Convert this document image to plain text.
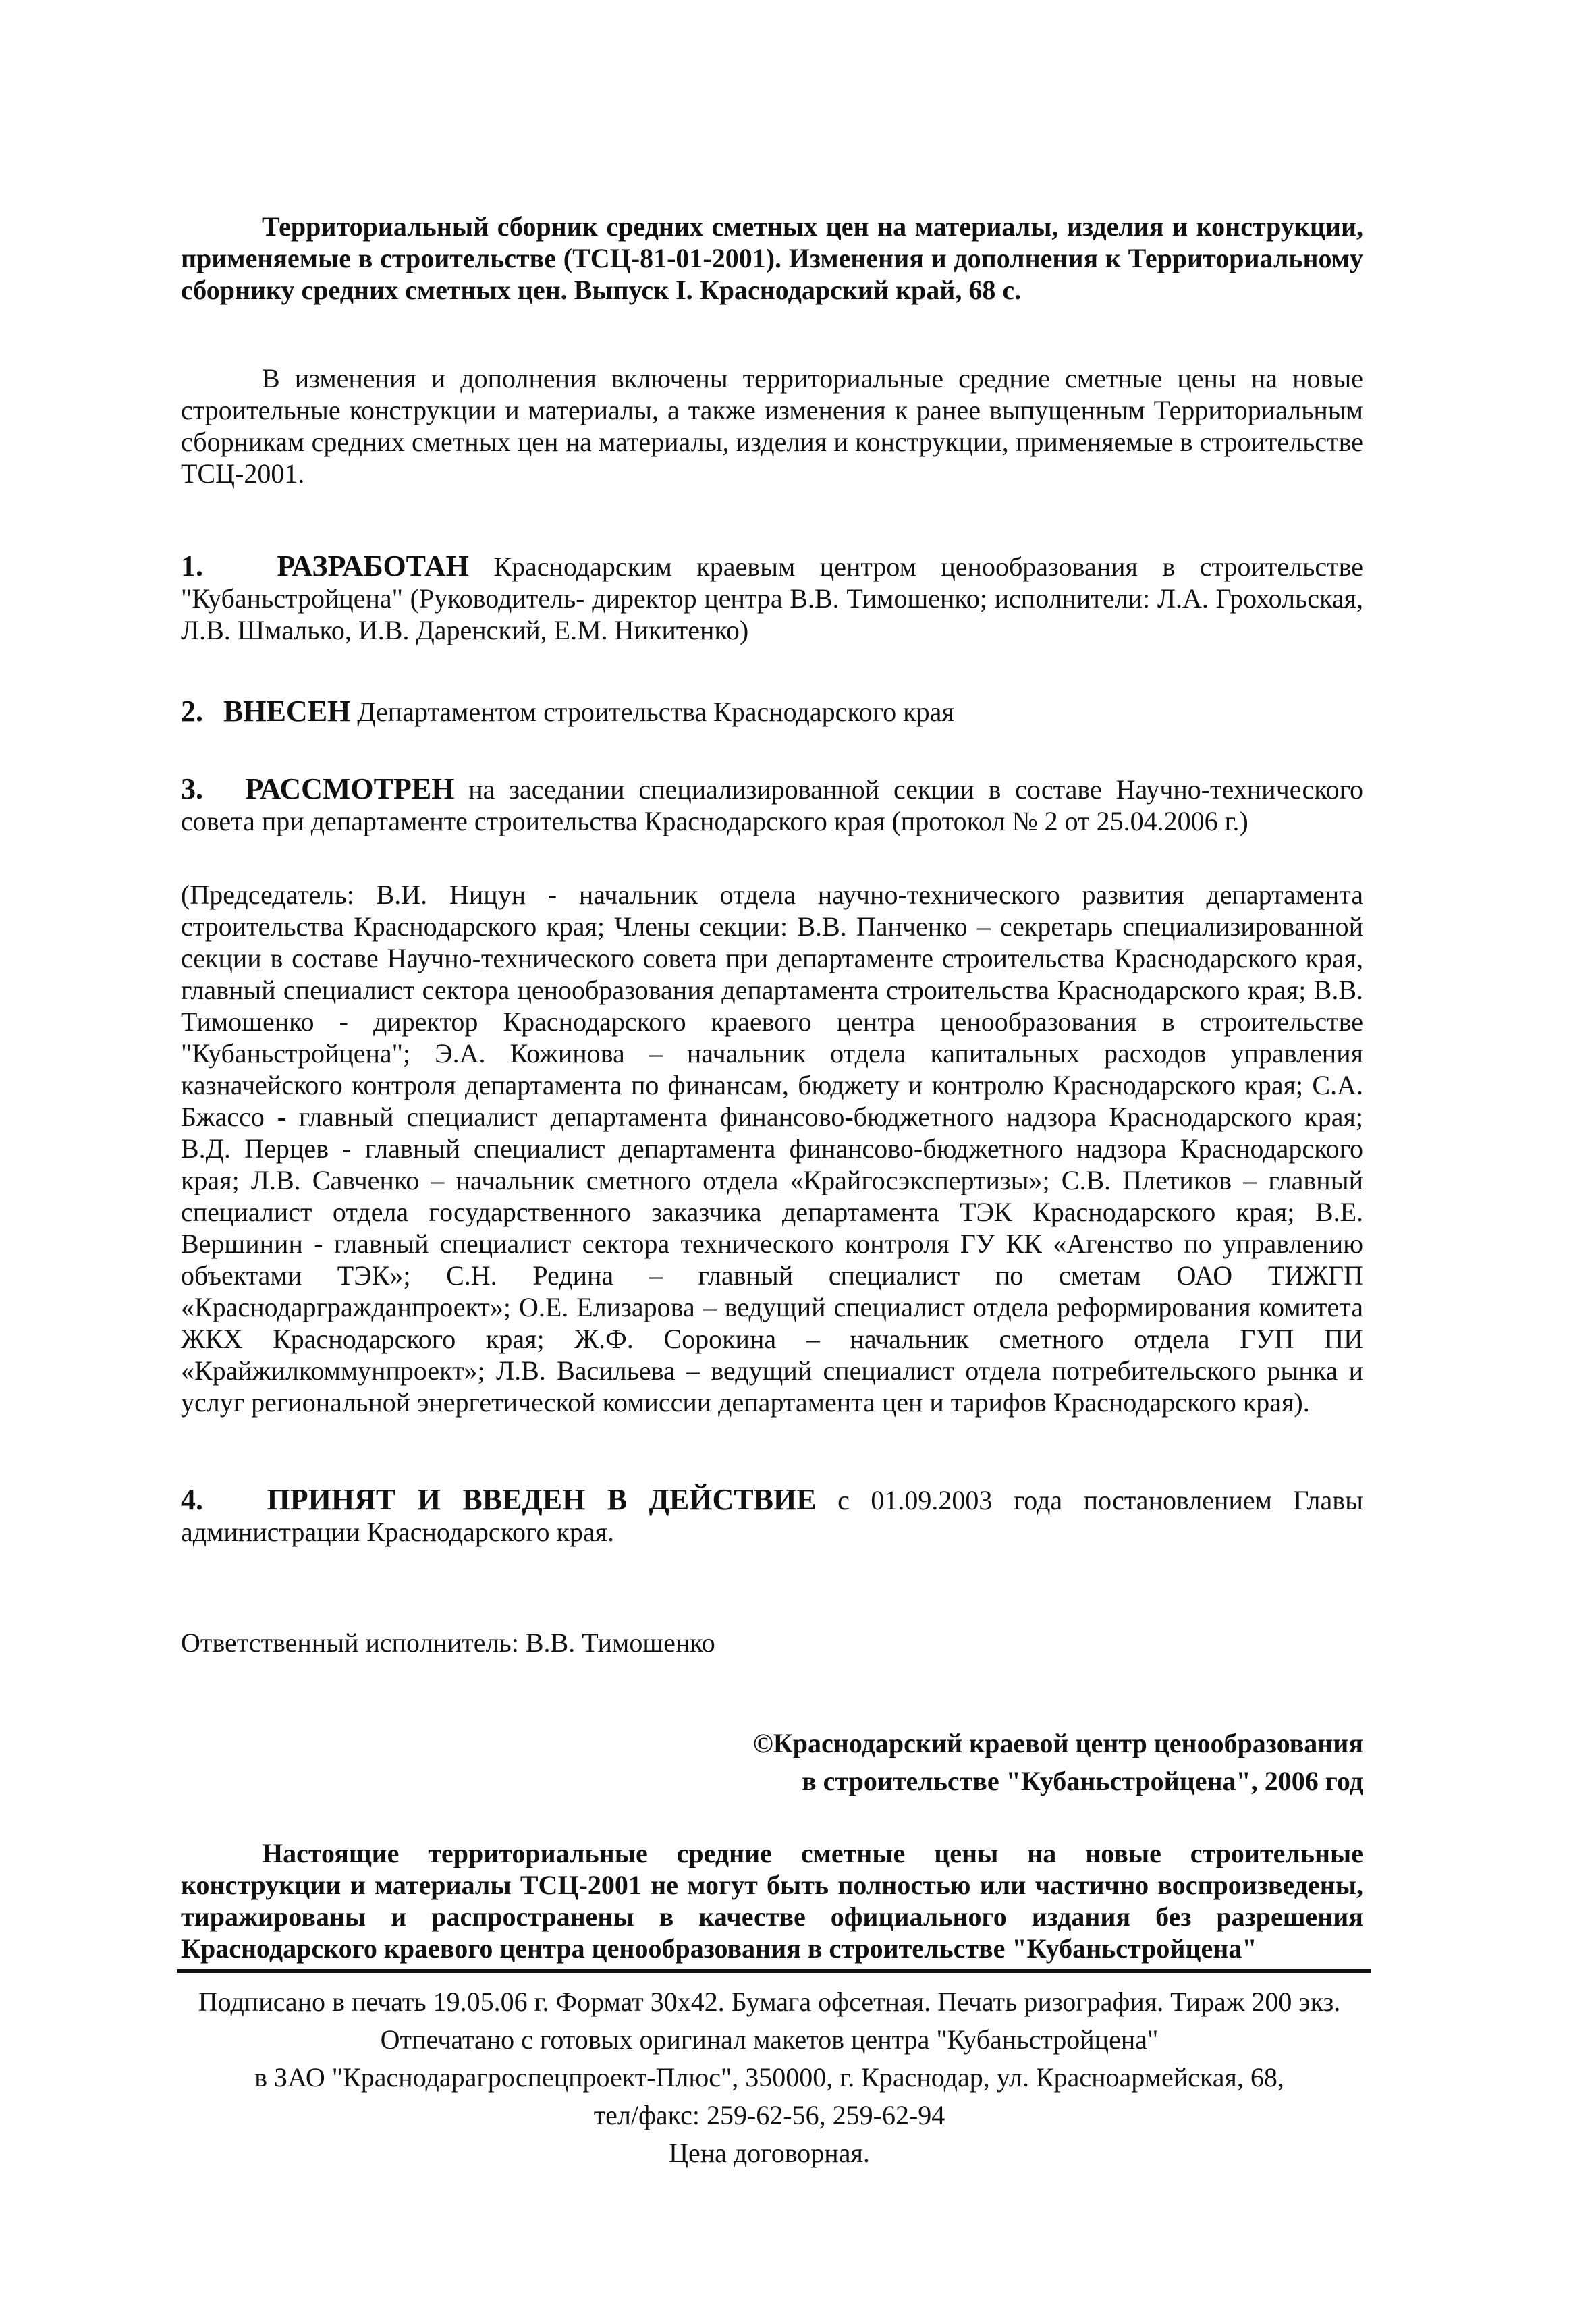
Территориальный сборник средних сметных цен на материалы, изделия и конструкции, применяемые в строительстве (ТСЦ-81-01-2001). Изменения и дополнения к Территориальному сборнику средних сметных цен. Выпуск I. Краснодарский край, 68 с.

В изменения и дополнения включены территориальные средние сметные цены на новые строительные конструкции и материалы, а также изменения к ранее выпущенным Территориальным сборникам средних сметных цен на материалы, изделия и конструкции, применяемые в строительстве ТСЦ-2001.

1. РАЗРАБОТАН Краснодарским краевым центром ценообразования в строительстве "Кубаньстройцена" (Руководитель- директор центра В.В. Тимошенко; исполнители: Л.А. Грохольская, Л.В. Шмалько, И.В. Даренский, Е.М. Никитенко)

2. ВНЕСЕН Департаментом строительства Краснодарского края

3. РАССМОТРЕН на заседании специализированной секции в составе Научно-технического совета при департаменте строительства Краснодарского края (протокол № 2 от 25.04.2006 г.)

(Председатель: В.И. Ницун - начальник отдела научно-технического развития департамента строительства Краснодарского края; Члены секции: В.В. Панченко – секретарь специализированной секции в составе Научно-технического совета при департаменте строительства Краснодарского края, главный специалист сектора ценообразования департамента строительства Краснодарского края; В.В. Тимошенко - директор Краснодарского краевого центра ценообразования в строительстве "Кубаньстройцена"; Э.А. Кожинова – начальник отдела капитальных расходов управления казначейского контроля департамента по финансам, бюджету и контролю Краснодарского края; С.А. Бжассо - главный специалист департамента финансово-бюджетного надзора Краснодарского края; В.Д. Перцев - главный специалист департамента финансово-бюджетного надзора Краснодарского края; Л.В. Савченко – начальник сметного отдела «Крайгосэкспертизы»; С.В. Плетиков – главный специалист отдела государственного заказчика департамента ТЭК Краснодарского края; В.Е. Вершинин - главный специалист сектора технического контроля ГУ КК «Агенство по управлению объектами ТЭК»; С.Н. Редина – главный специалист по сметам ОАО ТИЖГП «Краснодаргражданпроект»; О.Е. Елизарова – ведущий специалист отдела реформирования комитета ЖКХ Краснодарского края; Ж.Ф. Сорокина – начальник сметного отдела ГУП ПИ «Крайжилкоммунпроект»; Л.В. Васильева – ведущий специалист отдела потребительского рынка и услуг региональной энергетической комиссии департамента цен и тарифов Краснодарского края).

4. ПРИНЯТ И ВВЕДЕН В ДЕЙСТВИЕ с 01.09.2003 года постановлением Главы администрации Краснодарского края.

Ответственный исполнитель: В.В. Тимошенко

©Краснодарский краевой центр ценообразования
в строительстве "Кубаньстройцена", 2006 год

Настоящие территориальные средние сметные цены на новые строительные конструкции и материалы ТСЦ-2001 не могут быть полностью или частично воспроизведены, тиражированы и распространены в качестве официального издания без разрешения Краснодарского краевого центра ценообразования в строительстве "Кубаньстройцена"

Подписано в печать 19.05.06 г. Формат 30х42. Бумага офсетная. Печать ризография. Тираж 200 экз.
Отпечатано с готовых оригинал макетов центра "Кубаньстройцена"
в ЗАО "Краснодарагроспецпроект-Плюс", 350000, г. Краснодар, ул. Красноармейская, 68,
тел/факс: 259-62-56, 259-62-94
Цена договорная.
